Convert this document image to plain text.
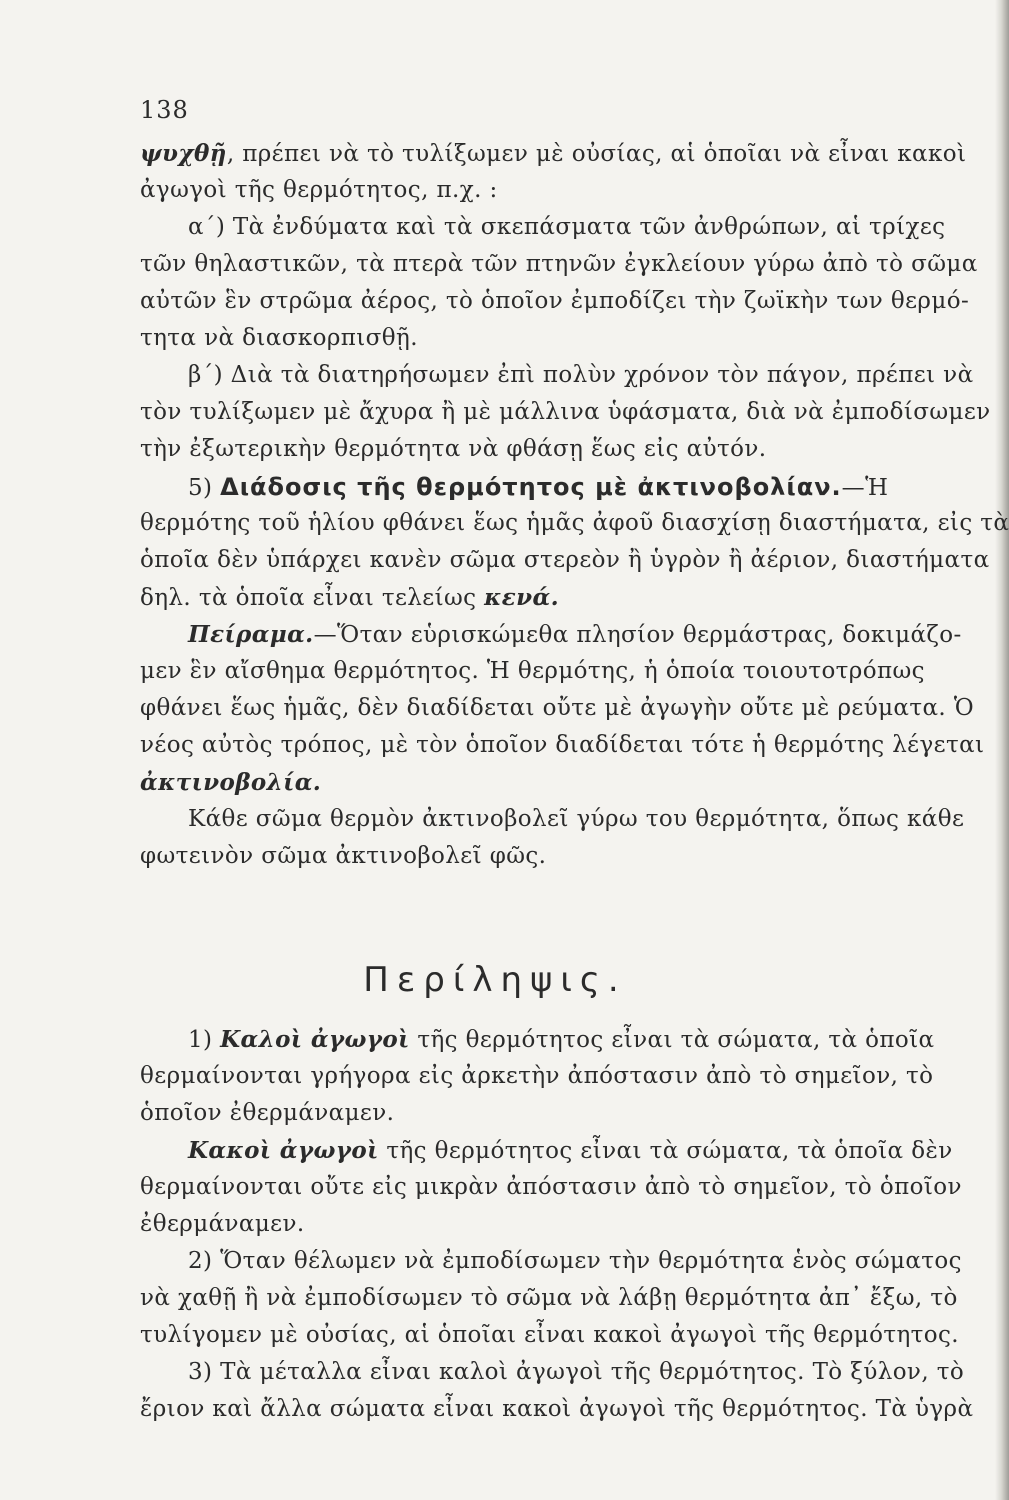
138
ψυχθῇ, πρέπει νὰ τὸ τυλίξωμεν μὲ οὐσίας, αἱ ὁποῖαι νὰ εἶναι κακοὶ
ἀγωγοὶ τῆς θερμότητος, π.χ. :
α΄) Τὰ ἐνδύματα καὶ τὰ σκεπάσματα τῶν ἀνθρώπων, αἱ τρίχες
τῶν θηλαστικῶν, τὰ πτερὰ τῶν πτηνῶν ἐγκλείουν γύρω ἀπὸ τὸ σῶμα
αὐτῶν ἓν στρῶμα ἀέρος, τὸ ὁποῖον ἐμποδίζει τὴν ζωϊκὴν των θερμό-
τητα νὰ διασκορπισθῇ.
β΄) Διὰ τὰ διατηρήσωμεν ἐπὶ πολὺν χρόνον τὸν πάγον, πρέπει νὰ
τὸν τυλίξωμεν μὲ ἄχυρα ἢ μὲ μάλλινα ὑφάσματα, διὰ νὰ ἐμποδίσωμεν
τὴν ἐξωτερικὴν θερμότητα νὰ φθάσῃ ἕως εἰς αὐτόν.
5) Διάδοσις τῆς θερμότητος μὲ ἀκτινοβολίαν.—Ἡ
θερμότης τοῦ ἡλίου φθάνει ἕως ἡμᾶς ἀφοῦ διασχίσῃ διαστήματα, εἰς τὰ
ὁποῖα δὲν ὑπάρχει κανὲν σῶμα στερεὸν ἢ ὑγρὸν ἢ ἀέριον, διαστήματα
δηλ. τὰ ὁποῖα εἶναι τελείως κενά.
Πείραμα.—Ὅταν εὑρισκώμεθα πλησίον θερμάστρας, δοκιμάζο-
μεν ἓν αἴσθημα θερμότητος. Ἡ θερμότης, ἡ ὁποία τοιουτοτρόπως
φθάνει ἕως ἡμᾶς, δὲν διαδίδεται οὔτε μὲ ἀγωγὴν οὔτε μὲ ρεύματα. Ὁ
νέος αὐτὸς τρόπος, μὲ τὸν ὁποῖον διαδίδεται τότε ἡ θερμότης λέγεται
ἀκτινοβολία.
Κάθε σῶμα θερμὸν ἀκτινοβολεῖ γύρω του θερμότητα, ὅπως κάθε
φωτεινὸν σῶμα ἀκτινοβολεῖ φῶς.
Περίληψις.
1) Καλοὶ ἀγωγοὶ τῆς θερμότητος εἶναι τὰ σώματα, τὰ ὁποῖα
θερμαίνονται γρήγορα εἰς ἀρκετὴν ἀπόστασιν ἀπὸ τὸ σημεῖον, τὸ
ὁποῖον ἐθερμάναμεν.
Κακοὶ ἀγωγοὶ τῆς θερμότητος εἶναι τὰ σώματα, τὰ ὁποῖα δὲν
θερμαίνονται οὔτε εἰς μικρὰν ἀπόστασιν ἀπὸ τὸ σημεῖον, τὸ ὁποῖον
ἐθερμάναμεν.
2) Ὅταν θέλωμεν νὰ ἐμποδίσωμεν τὴν θερμότητα ἑνὸς σώματος
νὰ χαθῇ ἢ νὰ ἐμποδίσωμεν τὸ σῶμα νὰ λάβῃ θερμότητα ἀπ᾿ ἔξω, τὸ
τυλίγομεν μὲ οὐσίας, αἱ ὁποῖαι εἶναι κακοὶ ἀγωγοὶ τῆς θερμότητος.
3) Τὰ μέταλλα εἶναι καλοὶ ἀγωγοὶ τῆς θερμότητος. Τὸ ξύλον, τὸ
ἔριον καὶ ἄλλα σώματα εἶναι κακοὶ ἀγωγοὶ τῆς θερμότητος. Τὰ ὑγρὰ
